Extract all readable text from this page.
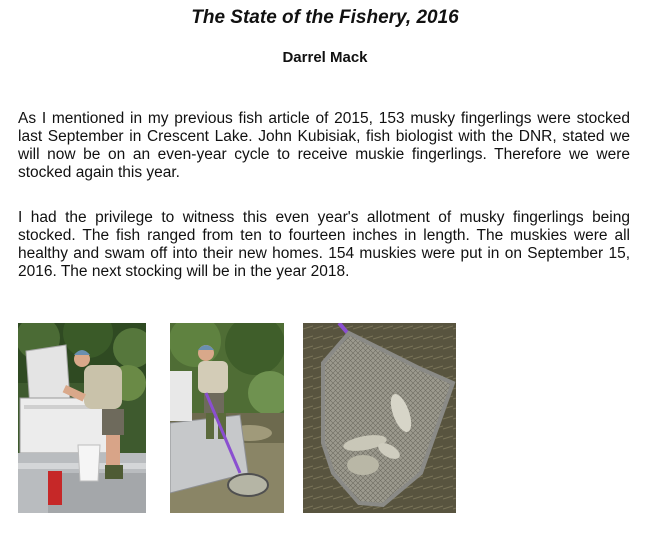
The State of the Fishery, 2016
Darrel Mack

As I mentioned in my previous fish article of 2015, 153 musky fingerlings were stocked last September in Crescent Lake. John Kubisiak, fish biologist with the DNR, stated we will now be on an even-year cycle to receive muskie fingerlings. Therefore we were stocked again this year.

I had the privilege to witness this even year's allotment of musky fingerlings being stocked. The fish ranged from ten to fourteen inches in length. The muskies were all healthy and swam off into their new homes. 154 muskies were put in on September 15, 2016. The next stocking will be in the year 2018.
